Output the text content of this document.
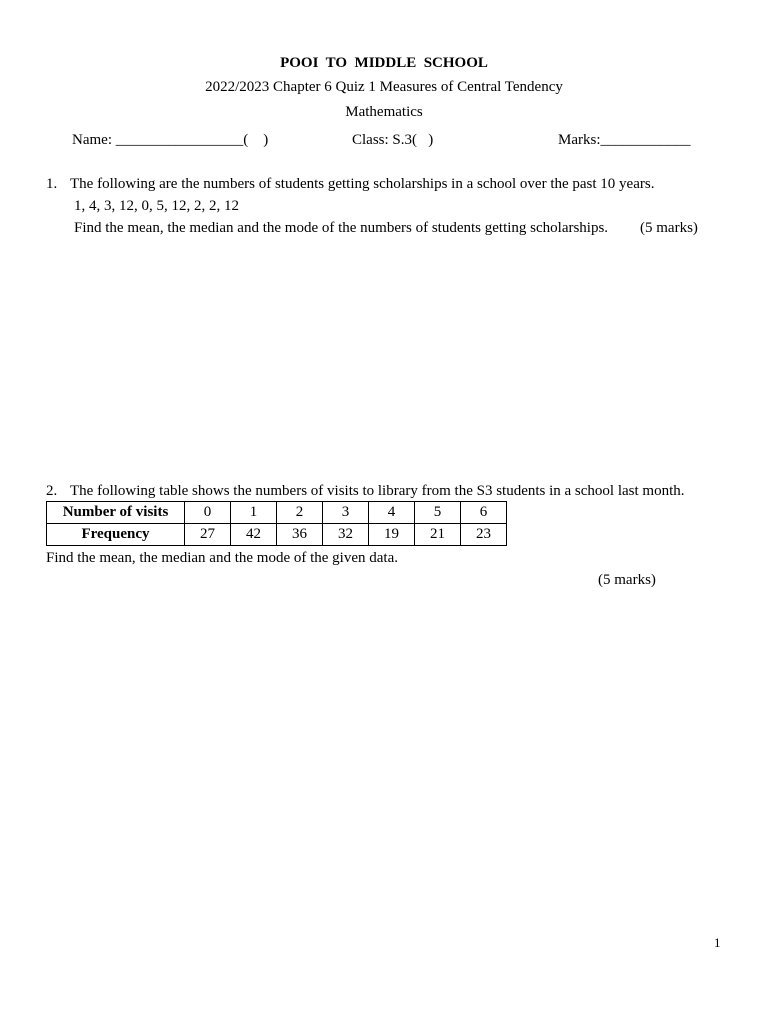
POOI  TO  MIDDLE  SCHOOL
2022/2023 Chapter 6 Quiz 1 Measures of Central Tendency
Mathematics
Name: _________________(    )	Class: S.3(   )	Marks:____________
1. The following are the numbers of students getting scholarships in a school over the past 10 years.
1, 4, 3, 12, 0, 5, 12, 2, 2, 12
Find the mean, the median and the mode of the numbers of students getting scholarships. (5 marks)
2. The following table shows the numbers of visits to library from the S3 students in a school last month.
Number of visits	0	1	2	3	4	5	6
Frequency	27	42	36	32	19	21	23
Find the mean, the median and the mode of the given data.
(5 marks)
1
